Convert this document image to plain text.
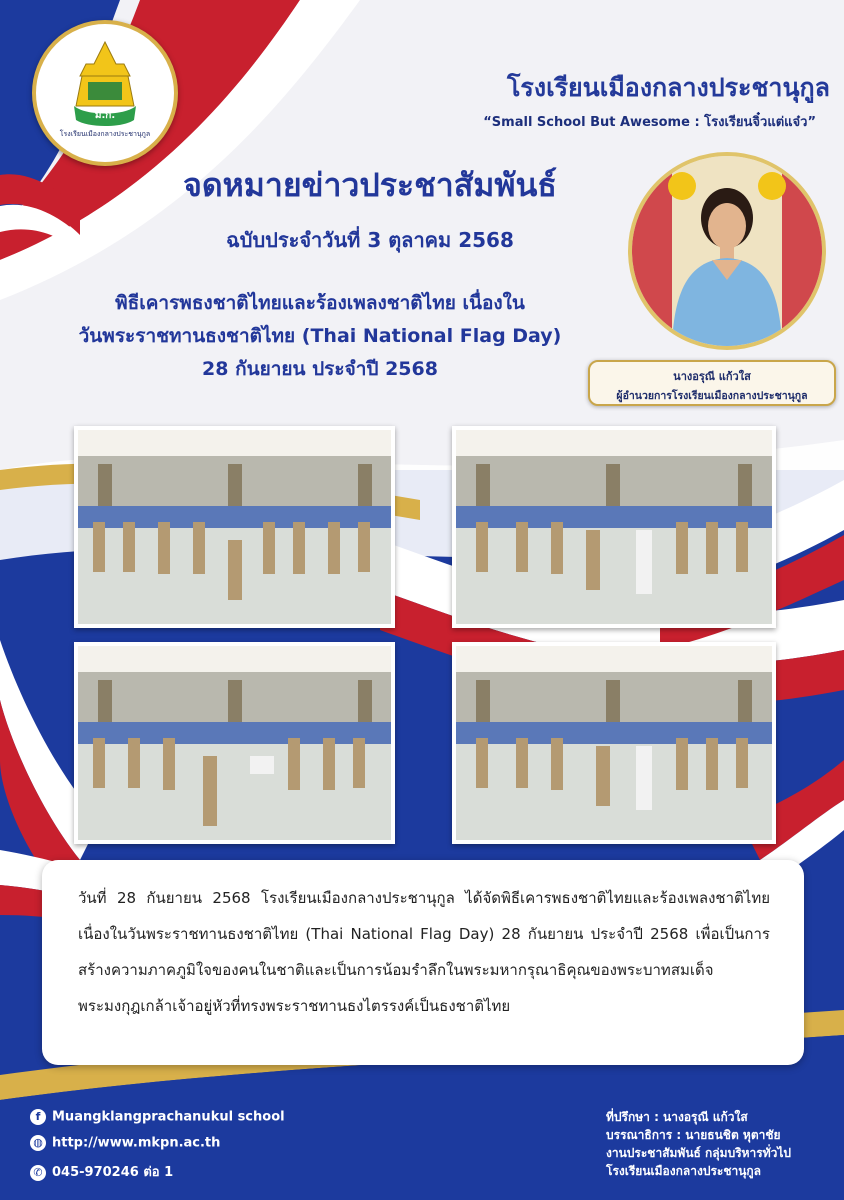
ม.ก.
โรงเรียนเมืองกลางประชานุกูล
โรงเรียนเมืองกลางประชานุกูล
“Small School But Awesome : โรงเรียนจิ๋วแต่แจ๋ว”
จดหมายข่าวประชาสัมพันธ์
ฉบับประจำวันที่ 3 ตุลาคม 2568
พิธีเคารพธงชาติไทยและร้องเพลงชาติไทย เนื่องใน
วันพระราชทานธงชาติไทย (Thai National Flag Day)
28 กันยายน ประจำปี 2568	นางอรุณี แก้วใส
ผู้อำนวยการโรงเรียนเมืองกลางประชานุกูล
วันที่ 28 กันยายน 2568 โรงเรียนเมืองกลางประชานุกูล ได้จัดพิธีเคารพธงชาติไทยและร้องเพลงชาติไทย เนื่องในวันพระราชทานธงชาติไทย (Thai National Flag Day) 28 กันยายน ประจำปี 2568 เพื่อเป็นการสร้างความภาคภูมิใจของคนในชาติและเป็นการน้อมรำลึกในพระมหากรุณาธิคุณของพระบาทสมเด็จพระมงกุฎเกล้าเจ้าอยู่หัวที่ทรงพระราชทานธงไตรรงค์เป็นธงชาติไทย
f Muangklangprachanukul school
◍ http://www.mkpn.ac.th
✆ 045-970246 ต่อ 1
ที่ปรึกษา : นางอรุณี แก้วใส
บรรณาธิการ : นายธนชิต หุตาชัย
งานประชาสัมพันธ์ กลุ่มบริหารทั่วไป
โรงเรียนเมืองกลางประชานุกูล
